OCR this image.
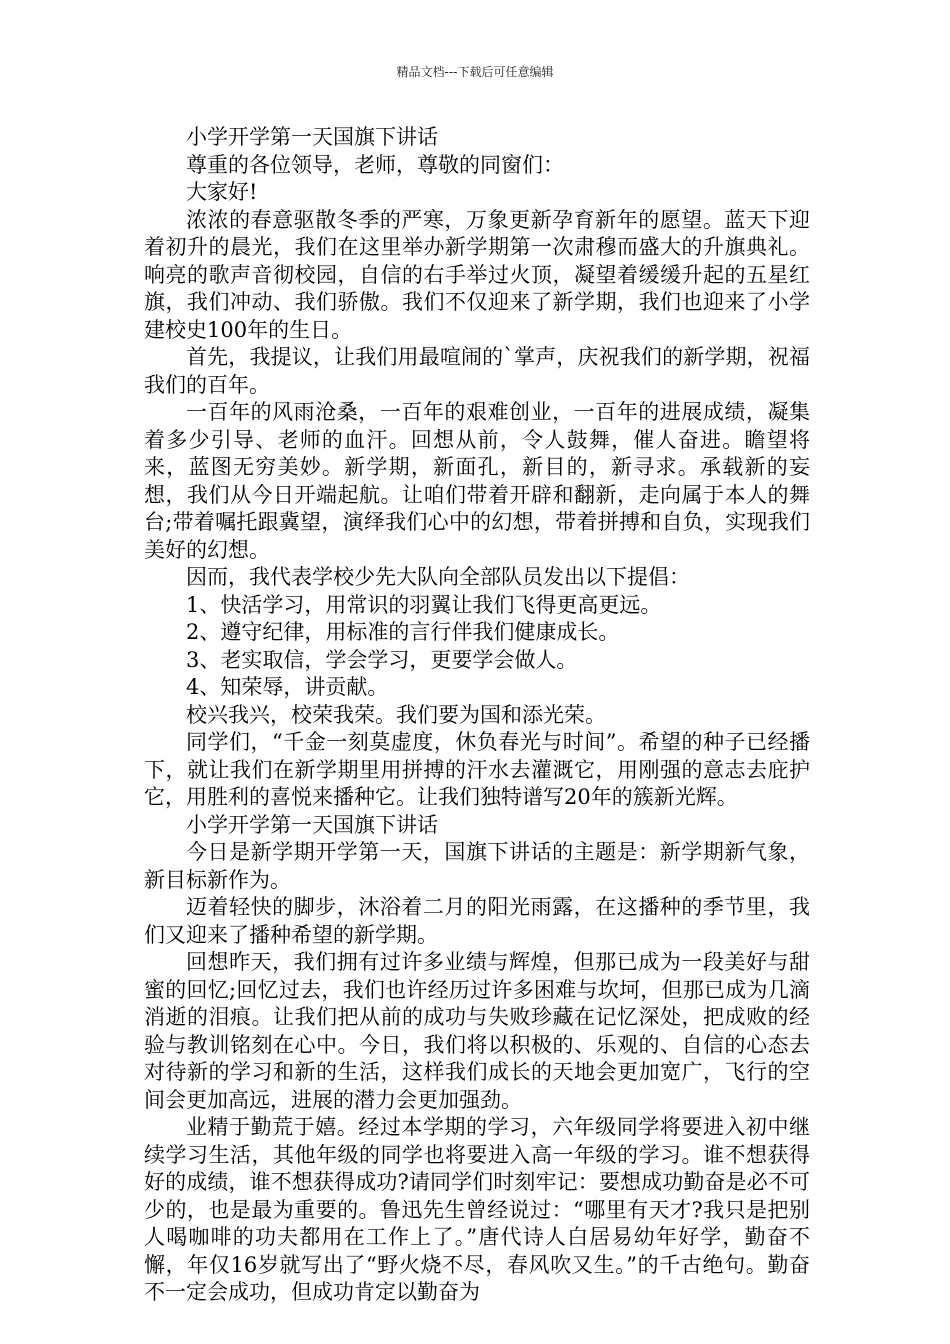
精品文档---下载后可任意编辑

小学开学第一天国旗下讲话

尊重的各位领导，老师，尊敬的同窗们：

大家好!

浓浓的春意驱散冬季的严寒，万象更新孕育新年的愿望。蓝天下迎着初升的晨光，我们在这里举办新学期第一次肃穆而盛大的升旗典礼。响亮的歌声音彻校园，自信的右手举过火顶，凝望着缓缓升起的五星红旗，我们冲动、我们骄傲。我们不仅迎来了新学期，我们也迎来了小学建校史100年的生日。

首先，我提议，让我们用最喧闹的`掌声，庆祝我们的新学期，祝福我们的百年。

一百年的风雨沧桑，一百年的艰难创业，一百年的进展成绩，凝集着多少引导、老师的血汗。回想从前，令人鼓舞，催人奋进。瞻望将来，蓝图无穷美妙。新学期，新面孔，新目的，新寻求。承载新的妄想，我们从今日开端起航。让咱们带着开辟和翻新，走向属于本人的舞台;带着嘱托跟冀望，演绎我们心中的幻想，带着拼搏和自负，实现我们美好的幻想。

因而，我代表学校少先大队向全部队员发出以下提倡：

1、快活学习，用常识的羽翼让我们飞得更高更远。

2、遵守纪律，用标准的言行伴我们健康成长。

3、老实取信，学会学习，更要学会做人。

4、知荣辱，讲贡献。

校兴我兴，校荣我荣。我们要为国和添光荣。

同学们，“千金一刻莫虚度，休负春光与时间”。希望的种子已经播下，就让我们在新学期里用拼搏的汗水去灌溉它，用刚强的意志去庇护它，用胜利的喜悦来播种它。让我们独特谱写20年的簇新光辉。

小学开学第一天国旗下讲话

今日是新学期开学第一天，国旗下讲话的主题是：新学期新气象，新目标新作为。

迈着轻快的脚步，沐浴着二月的阳光雨露，在这播种的季节里，我们又迎来了播种希望的新学期。

回想昨天，我们拥有过许多业绩与辉煌，但那已成为一段美好与甜蜜的回忆;回忆过去，我们也许经历过许多困难与坎坷，但那已成为几滴消逝的泪痕。让我们把从前的成功与失败珍藏在记忆深处，把成败的经验与教训铭刻在心中。今日，我们将以积极的、乐观的、自信的心态去对待新的学习和新的生活，这样我们成长的天地会更加宽广，飞行的空间会更加高远，进展的潜力会更加强劲。

业精于勤荒于嬉。经过本学期的学习，六年级同学将要进入初中继续学习生活，其他年级的同学也将要进入高一年级的学习。谁不想获得好的成绩，谁不想获得成功?请同学们时刻牢记：要想成功勤奋是必不可少的，也是最为重要的。鲁迅先生曾经说过：“哪里有天才?我只是把别人喝咖啡的功夫都用在工作上了。”唐代诗人白居易幼年好学，勤奋不懈，年仅16岁就写出了“野火烧不尽，春风吹又生。”的千古绝句。勤奋不一定会成功，但成功肯定以勤奋为
